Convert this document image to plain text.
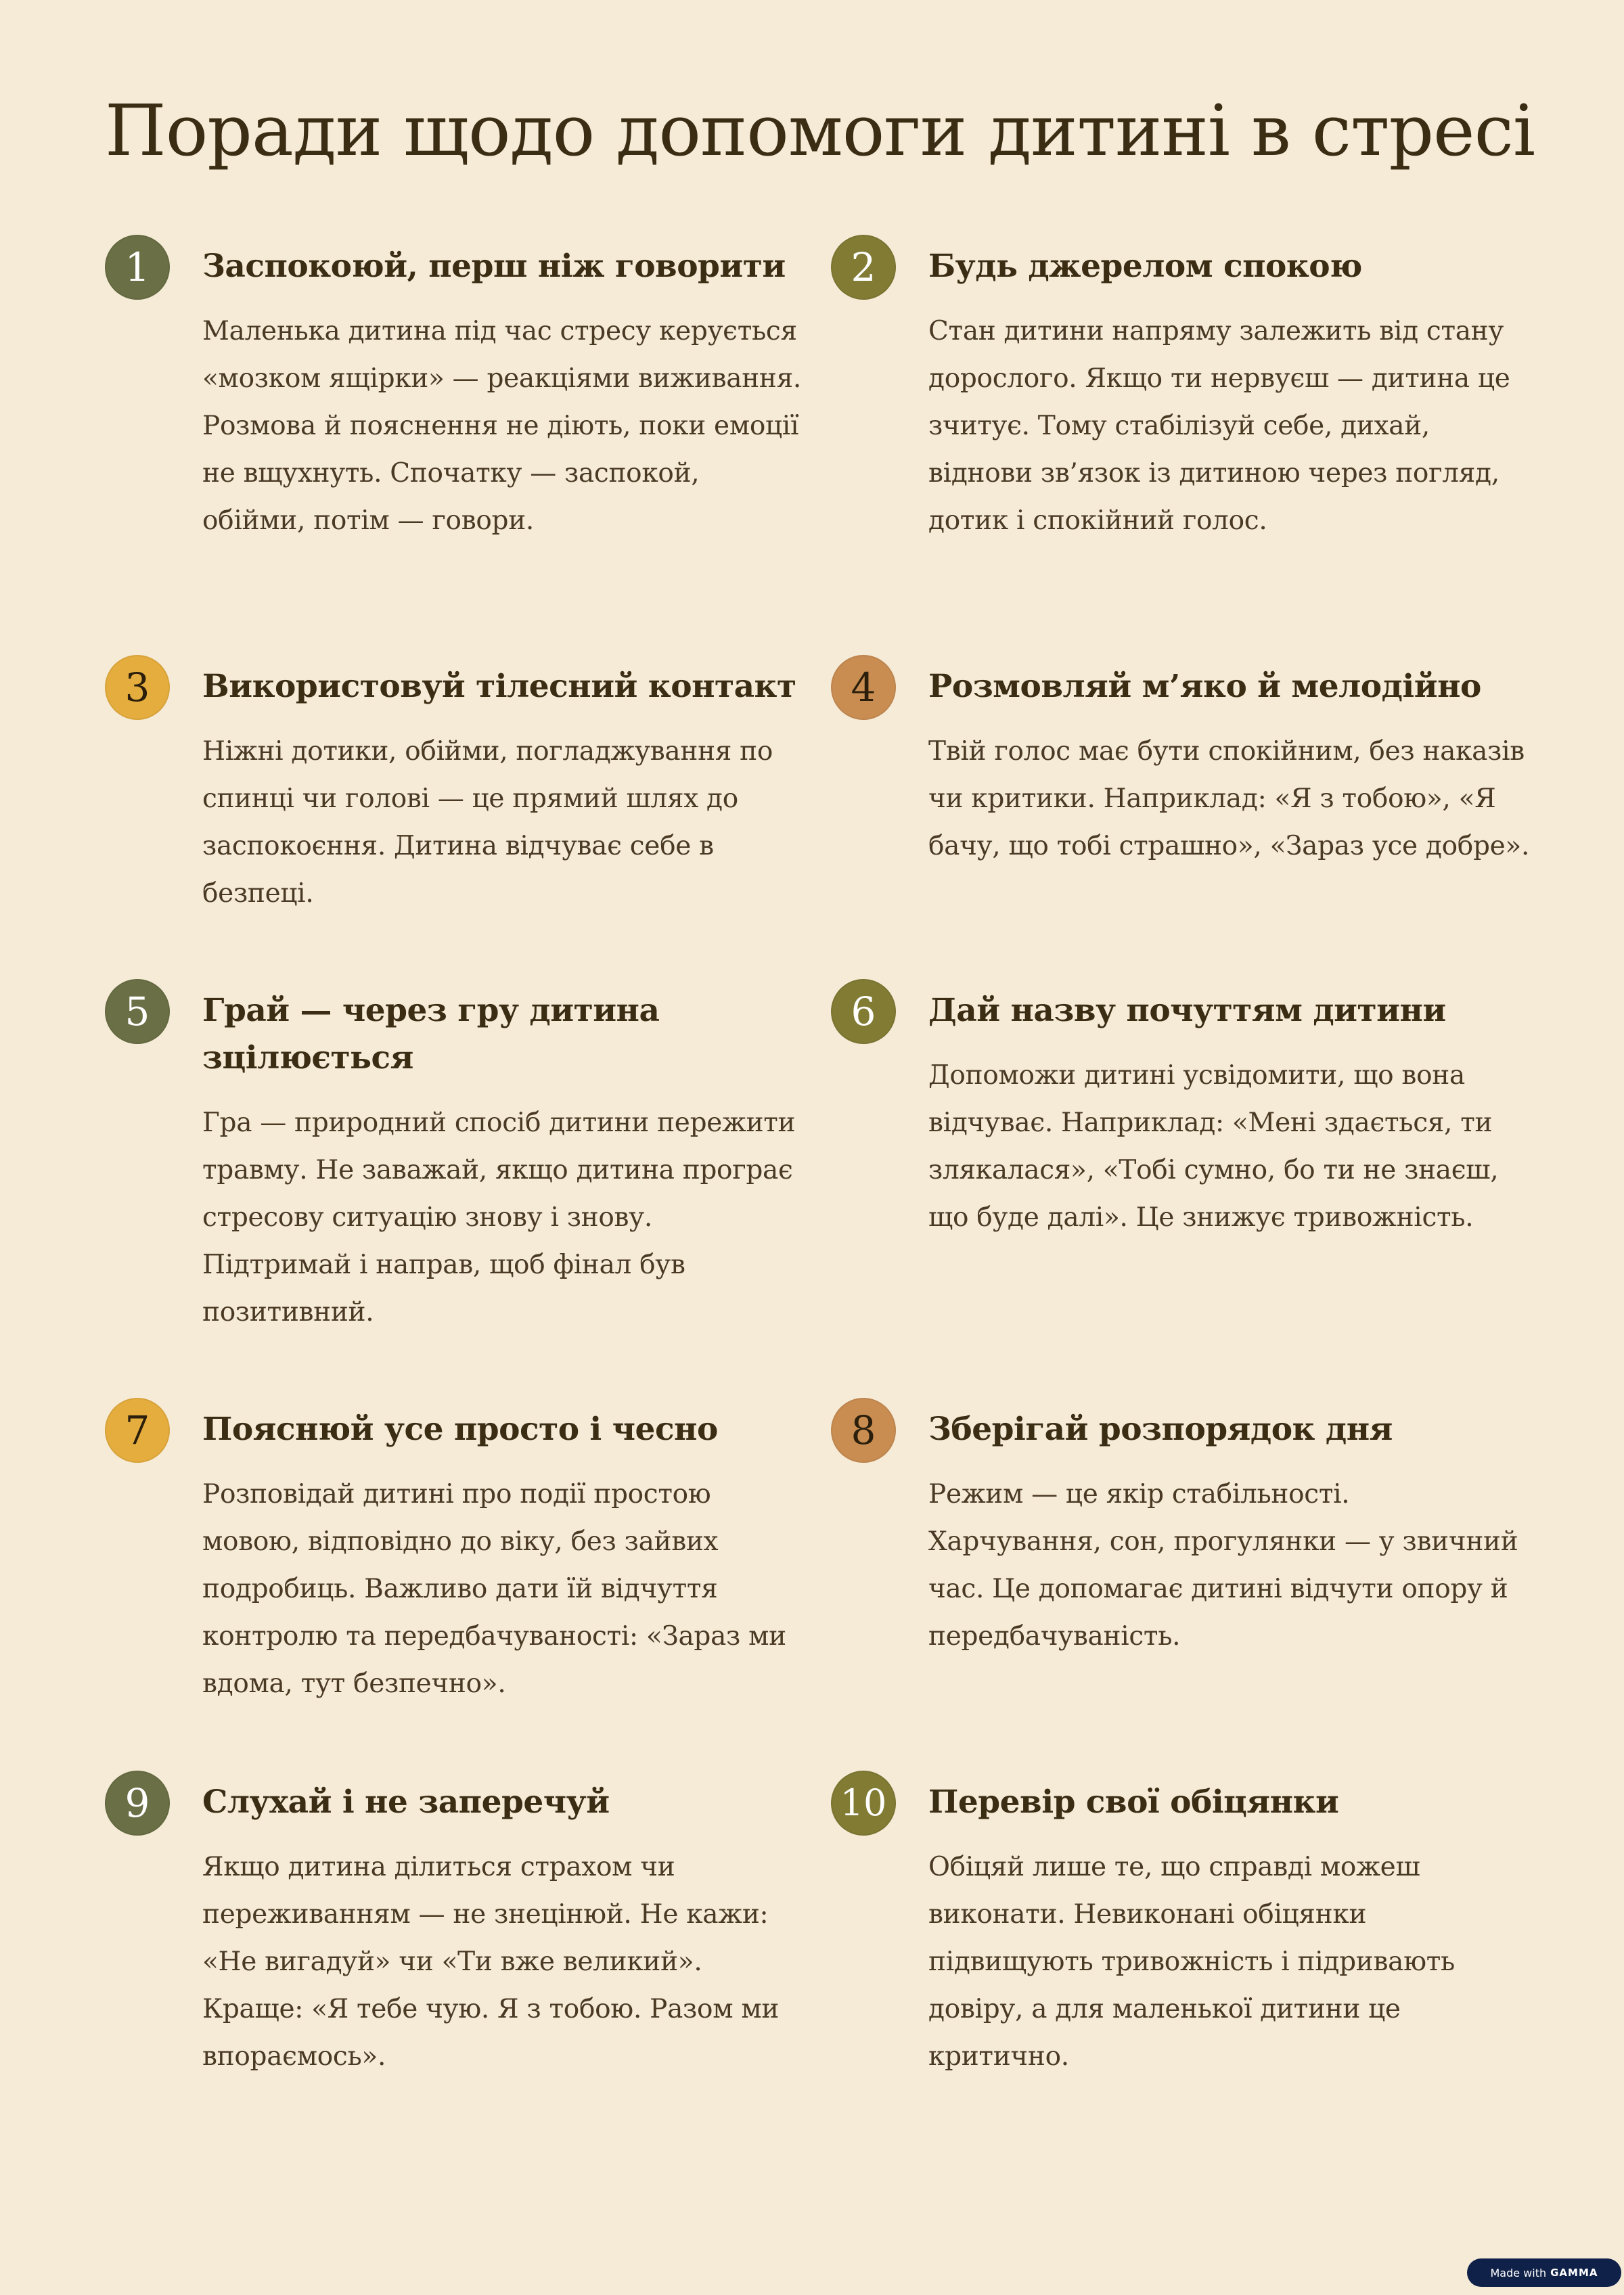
Поради щодо допомоги дитині в стресі
1	Заспокоюй, перш ніж говорити

Маленька дитина під час стресу керується «мозком ящірки» — реакціями виживання. Розмова й пояснення не діють, поки емоції не вщухнуть. Спочатку — заспокой, обійми, потім — говори.

2	Будь джерелом спокою

Стан дитини напряму залежить від стану дорослого. Якщо ти нервуєш — дитина це зчитує. Тому стабілізуй себе, дихай, віднови зв’язок із дитиною через погляд, дотик і спокійний голос.

3	Використовуй тілесний контакт

Ніжні дотики, обійми, погладжування по спинці чи голові — це прямий шлях до заспокоєння. Дитина відчуває себе в безпеці.

4	Розмовляй м’яко й мелодійно

Твій голос має бути спокійним, без наказів чи критики. Наприклад: «Я з тобою», «Я бачу, що тобі страшно», «Зараз усе добре».

5	Грай — через гру дитина зцілюється

Гра — природний спосіб дитини пережити травму. Не заважай, якщо дитина програє стресову ситуацію знову і знову. Підтримай і направ, щоб фінал був позитивний.

6	Дай назву почуттям дитини

Допоможи дитині усвідомити, що вона відчуває. Наприклад: «Мені здається, ти злякалася», «Тобі сумно, бо ти не знаєш, що буде далі». Це знижує тривожність.

7	Пояснюй усе просто і чесно

Розповідай дитині про події простою мовою, відповідно до віку, без зайвих подробиць. Важливо дати їй відчуття контролю та передбачуваності: «Зараз ми вдома, тут безпечно».

8	Зберігай розпорядок дня

Режим — це якір стабільності. Харчування, сон, прогулянки — у звичний час. Це допомагає дитині відчути опору й передбачуваність.

9	Слухай і не заперечуй

Якщо дитина ділиться страхом чи переживанням — не знецінюй. Не кажи: «Не вигадуй» чи «Ти вже великий». Краще: «Я тебе чую. Я з тобою. Разом ми впораємось».

10 Перевір свої обіцянки

Обіцяй лише те, що справді можеш виконати. Невиконані обіцянки підвищують тривожність і підривають довіру, а для маленької дитини це критично.

Made with GAMMA
